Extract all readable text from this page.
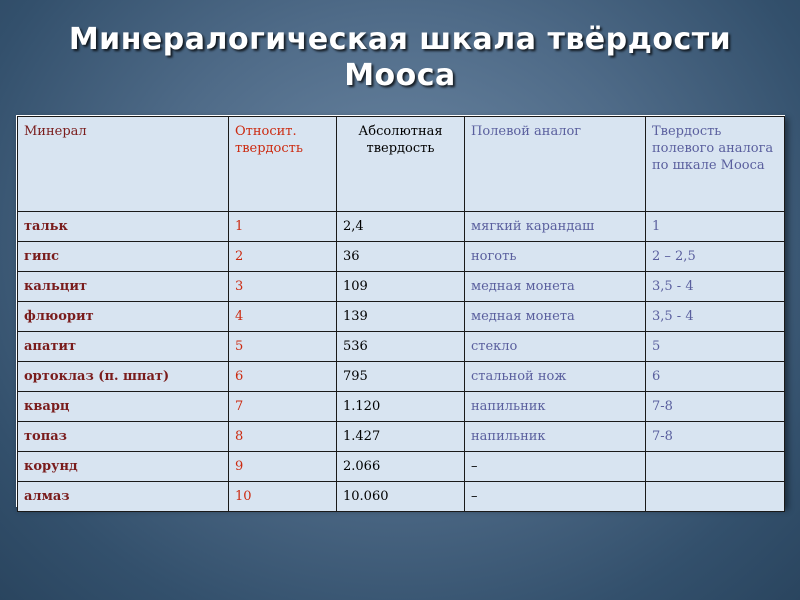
Минералогическая шкала твёрдости
Мооса
Минерал	Относит. твердость	Абсолютная твердость	Полевой аналог	Твердость полевого аналога по шкале Мооса
тальк	1	2,4	мягкий карандаш	1
гипс	2	36	ноготь	2 – 2,5
кальцит	3	109	медная монета	3,5 - 4
флюорит	4	139	медная монета	3,5 - 4
апатит	5	536	стекло	5
ортоклаз (п. шпат)	6	795	стальной нож	6
кварц	7	1.120	напильник	7-8
топаз	8	1.427	напильник	7-8
корунд	9	2.066	–	
алмаз	10	10.060	–	
